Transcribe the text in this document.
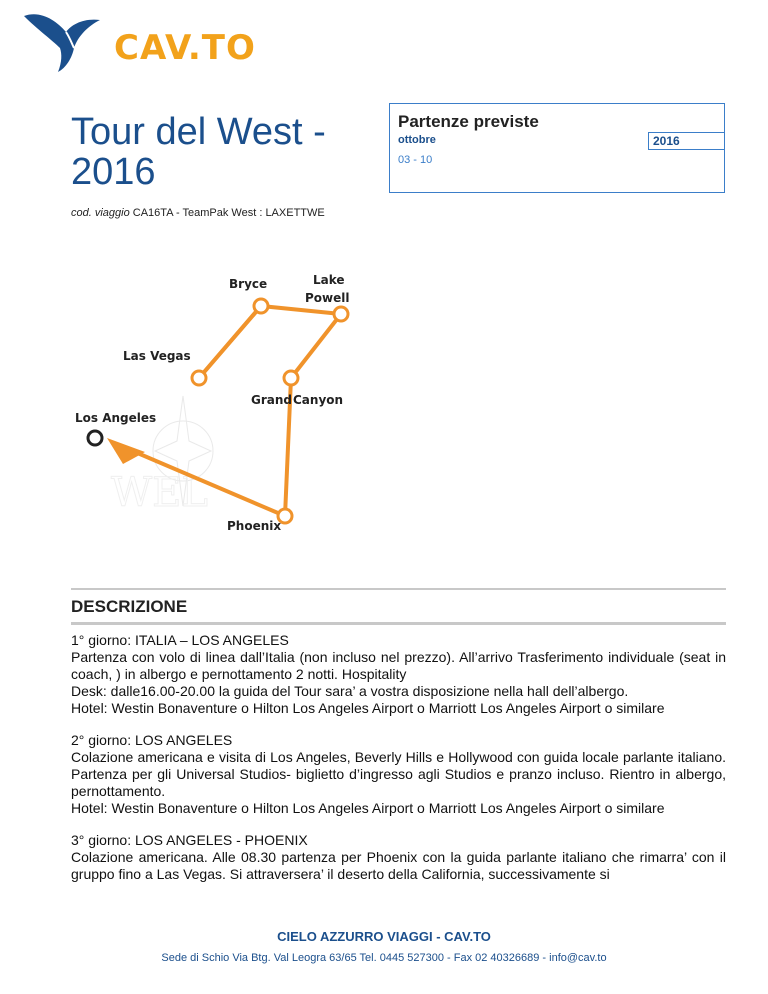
CAV.TO
Tour del West - 2016
Partenze previste
ottobre	2016
03 - 10
cod. viaggio CA16TA - TeamPak West : LAXETTWE
WEL
Bryce	Lake
Powell
Las Vegas
Grand Canyon
Los Angeles
Phoenix
DESCRIZIONE

1° giorno: ITALIA – LOS ANGELES

Partenza con volo di linea dall’Italia (non incluso nel prezzo). All’arrivo Trasferimento individuale (seat in coach, ) in albergo e pernottamento 2 notti. Hospitality

Desk: dalle16.00-20.00 la guida del Tour sara’ a vostra disposizione nella hall dell’albergo.

Hotel: Westin Bonaventure o Hilton Los Angeles Airport o Marriott Los Angeles Airport o similare

2° giorno: LOS ANGELES

Colazione americana e visita di Los Angeles, Beverly Hills e Hollywood con guida locale parlante italiano. Partenza per gli Universal Studios- biglietto d’ingresso agli Studios e pranzo incluso. Rientro in albergo, pernottamento.

Hotel: Westin Bonaventure o Hilton Los Angeles Airport o Marriott Los Angeles Airport o similare

3° giorno: LOS ANGELES - PHOENIX

Colazione americana. Alle 08.30 partenza per Phoenix con la guida parlante italiano che rimarra’ con il gruppo fino a Las Vegas. Si attraversera’ il deserto della California, successivamente si

CIELO AZZURRO VIAGGI - CAV.TO
Sede di Schio Via Btg. Val Leogra 63/65 Tel. 0445 527300 - Fax 02 40326689 - info@cav.to
